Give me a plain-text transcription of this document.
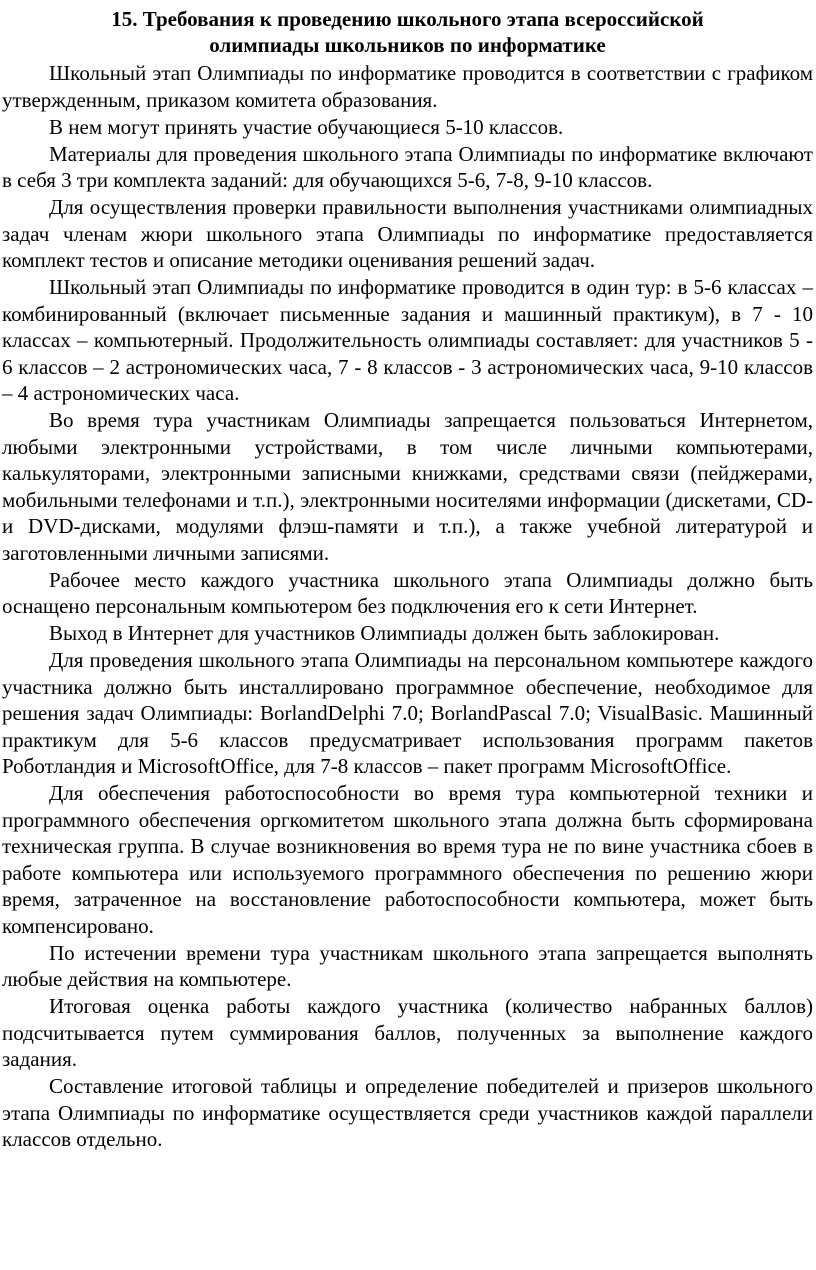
15. Требования к проведению школьного этапа всероссийской
олимпиады школьников по информатике

Школьный этап Олимпиады по информатике проводится в соответствии с графиком утвержденным, приказом комитета образования.

В нем могут принять участие обучающиеся 5-10 классов.

Материалы для проведения школьного этапа Олимпиады по информатике включают в себя 3 три комплекта заданий: для обучающихся 5-6, 7-8, 9-10 классов.

Для осуществления проверки правильности выполнения участниками олимпиадных задач членам жюри школьного этапа Олимпиады по информатике предоставляется комплект тестов и описание методики оценивания решений задач.

Школьный этап Олимпиады по информатике проводится в один тур: в 5-6 классах – комбинированный (включает письменные задания и машинный практикум), в 7 - 10 классах – компьютерный. Продолжительность олимпиады составляет: для участников 5 - 6 классов – 2 астрономических часа, 7 - 8 классов - 3 астрономических часа, 9-10 классов – 4 астрономических часа.

Во время тура участникам Олимпиады запрещается пользоваться Интернетом, любыми электронными устройствами, в том числе личными компьютерами, калькуляторами, электронными записными книжками, средствами связи (пейджерами, мобильными телефонами и т.п.), электронными носителями информации (дискетами, CD- и DVD-дисками, модулями флэш-памяти и т.п.), а также учебной литературой и заготовленными личными записями.

Рабочее место каждого участника школьного этапа Олимпиады должно быть оснащено персональным компьютером без подключения его к сети Интернет.

Выход в Интернет для участников Олимпиады должен быть заблокирован.

Для проведения школьного этапа Олимпиады на персональном компьютере каждого участника должно быть инсталлировано программное обеспечение, необходимое для решения задач Олимпиады: BorlandDelphi 7.0; BorlandPascal 7.0; VisualBasic. Машинный практикум для 5-6 классов предусматривает использования программ пакетов Роботландия и MicrosoftOffice, для 7-8 классов – пакет программ MicrosoftOffice.

Для обеспечения работоспособности во время тура компьютерной техники и программного обеспечения оргкомитетом школьного этапа должна быть сформирована техническая группа. В случае возникновения во время тура не по вине участника сбоев в работе компьютера или используемого программного обеспечения по решению жюри время, затраченное на восстановление работоспособности компьютера, может быть компенсировано.

По истечении времени тура участникам школьного этапа запрещается выполнять любые действия на компьютере.

Итоговая оценка работы каждого участника (количество набранных баллов) подсчитывается путем суммирования баллов, полученных за выполнение каждого задания.

Составление итоговой таблицы и определение победителей и призеров школьного этапа Олимпиады по информатике осуществляется среди участников каждой параллели классов отдельно.
